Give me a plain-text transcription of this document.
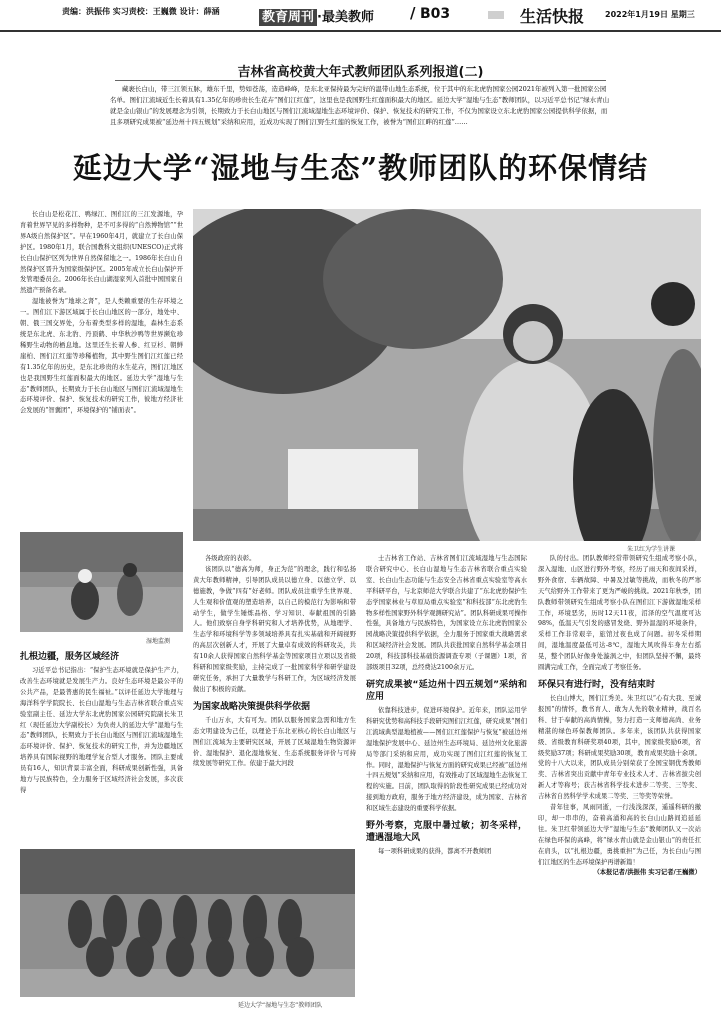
责编：洪振伟 实习责校：王巍微 设计：薛涵	教育周刊 ·最美教师 / B03	生活快报	2022年1月19日 星期三
吉林省高校黄大年式教师团队系列报道(二)
藏裹长白山，带三江领五脉，雄东千里，势如苍荡，造造峰峰，是东北亚保持最为完好的温带山地生态系统，位于其中的东北虎豹国家公园2021年被列入第一批国家公园名单。图们江流域近生长着具有1.35亿年的珍贵长生花卉“图们江红莲”，这里也是我国野生红莲面积最大的地区。延边大学“湿地与生态”教师团队，以习近平总书记“绿水青山就是金山银山”的发展理念为引领，长期致力于长白山地区与图们江流域湿地生态环境评价、保护、恢复技术的研究工作，不仅为国家设立东北虎豹国家公园提供科学依据，而且多项研究成果被“延边州十四五规划”采纳和应用，近成功实现了图们江野生红莲的恢复工作，被誉为“图们江畔的红莲”……
延边大学“湿地与生态”教师团队的环保情结

长白山是松花江、鸭绿江、图们江的三江发源地，孕育着世界罕见的多样物种，是不可多得的“自然博物馆”“世界A级自然保护区”。早在1960年4月，就建立了长白山保护区。1980年1月，联合国教科文组织(UNESCO)正式将长白山保护区列为世界自然保留地之一。1986年长白山自然保护区晋升为国家级保护区。2005年成立长白山保护开发管理委员会。2006年长白山湖湿家列入首批中国国家自然遗产预备名录。

湿地被誉为“地球之肾”，是人类赖重要的生存环境之一。图们江下游区域属于长白山地区的一部分，地处中、朝、俄三国交界处，分布着类型多样的湿地，森林生态系统是东北虎、东北豹、丹顶鹤、中华秋沙鸭等世界濒危珍稀野生动物的栖息地。这里还生长着人参、红豆杉、朝鲜崖柏、图们江红莲等珍稀植物，其中野生图们江红莲已经有1.35亿年的历史，是东北珍贵的水生花卉，图们江地区也是我国野生红莲面积最大的地区。延边大学“湿地与生态”教师团队，长期致力于长白山地区与图们江流域湿地生态环境评价、保护、恢复技术的研究工作，彼地方经济社会发展的“智囊团”，环境保护的“铺面表”。

湿地监测
扎根边疆，服务区域经济

习近平总书记指出：“保护生态环境就是保护生产力，改善生态环境就是发展生产力。良好生态环境是最公平的公共产品，是最普惠的民生福祉。”以评任延边大学地理与海洋科学学院院长、长白山湿地与生态吉林省联合重点实验室副主任、延边大学东北虎豹国家公园研究院副长朱卫红（现任延边大学副校长）为负责人的延边大学“湿地与生态”教师团队，长期致力于长白山地区与图们江流域湿地生态环境评价、保护、恢复技术的研究工作，并为边疆地区培养具有国际视野的地理学复合型人才服务。团队主要成员有16人，知识背景丰富全面，科研成果创新性强，具备地方与民族特色，全力服务于区域经济社会发展，多次获得

朱卫红为学生讲课

各级政府的表彰。

该团队以“德高为师，身正为范”的理念，践行和弘扬黄大年教师精神，引导团队成员以德立身、以德立学、以德施教，争做“四有”好老师。团队成员注重学生世界观、人生观和价值观的塑造培养，以自己的模范行为影响和带动学生，做学生锤炼品格、学习知识、奉献祖国的引路人。他们致察自身学科研究和人才培养优势，从地理学、生态学和环境科学等多领域培养具有扎实基础和开阔视野的高层次创新人才，开展了大量卓有成效的科研攻关，共有10余人获得国家自然科学基金等国家项目立项以及省级科研和国家级奖励，主持完成了一批国家科学和研学建设研究任务，承担了大量教学与科研工作，为区域经济发展做出了积极的贡献。

为国家战略决策提供科学依据

千山万水，大有可为。团队以服务国家急需和地方生态文明建设为己任，以理论于东北亚核心的长白山地区与图们江流域为主要研究区域，开展了区域湿地生物资源评价、湿地保护、退化湿地恢复、生态系统服务评价与可持续发展等研究工作。依建于最大河段

士吉林省工作站、吉林省图们江流域湿地与生态国际联合研究中心、长白山湿地与生态吉林省联合重点实验室、长白山生态功能与生态安全吉林省重点实验室等高水平科研平台，与北京师范大学联合共建了“东北虎豹保护生态学国家林业与草原局重点实验室”和科技部“东北虎豹生物多样性国家野外科学观测研究站”。团队科研成果可操作性强，具备地方与民族特色，为国家设立东北虎豹国家公园战略决策提供科学依据，全力服务于国家重大战略需求和区域经济社会发展。团队共获批国家自然科学基金项目20项，科技部科技基础资源调查专项（子课题）1项，省部级项目32项，总经费达2100余万元。

研究成果被“延边州十四五规划”采纳和应用

依靠科技进步，促进环境保护。近年来，团队运用学科研究优势和高科技手段研究图们江红莲，研究成果“图们江流域典型湿地植被——图们江红莲保护与恢复”被延边州湿地保护发展中心、延边州生态环境局、延边州文化旅游局等部门采纳和应用，成功实现了图们江红莲的恢复工作。同时，湿地保护与恢复方面的研究成果已经被“延边州十四五规划”采纳和应用，有效推动了区域湿地生态恢复工程的实施。目前，团队取得的阶段性研究成果已经成功对接到地方政府，服务于地方经济建设，成为国家、吉林省和区域生态建设的重要科学依据。

野外考察，克服中暑过敏；初冬采样，遭遇湿地大风

每一项科研成果的获得，都离不开教师团

队的付出。团队教师经常带领研究生组成考察小队，深入湿地、山区进行野外考察，经历了雨天和夜间采样，野外食宿、车辆故障、中暑及过敏等挑战，而秋冬的严寒天气给野外工作带来了更为严峻的挑战。2021年秋季，团队教师带领研究生组成考察小队在图们江下游做湿地采样工作，环境恶劣，历时12天11夜，沼泽的空气温度可达98%，低温天气引发的感冒发烧、野外温湿的环境条件，采样工作非常艰辛，旅馆过夜也成了问题。初冬采样期间，湿地温度最低可达-8℃，湿地大风吹得车身左右摇晃，整个团队好像身处漩涡之中，但团队坚持不懈，最终圆满完成工作，全面完成了考察任务。

环保只有进行时，没有结束时

长白山博大，图们江秀美。朱卫红以“心有大我、至诚报国”的情怀，教书育人、敢为人先的敬业精神，战百名科、甘于奉献的高尚情操，努力打造一支师德高尚、业务精湛的绿色环保教师团队。多年来，该团队共获得国家级、省级教育科研奖项40项，其中，国家级奖励6项，省级奖励37项；科研成果奖励30项，教育成果奖励十余项。党的十八大以来，团队成员分别荣获了全国宝钢优秀教师奖、吉林省突出贡献中青年专业技术人才、吉林省拔尖创新人才等称号；获吉林省科学技术进步二等奖、三等奖、吉林省自然科学学术成果二等奖、三等奖等荣誉。

昔年往事，风雨同逝，一行浅浅深深，遥遥科研的撤印，却一串串的，奋着高涌和高的长白山山路间追延延往。朱卫红带领延边大学“湿地与生态”教师团队又一次站在绿色环保的高峰，将“绿水青山就是金山银山”的责任扛在肩头，以“扎根边疆，勇挑重担”为己任，为长白山与图们江地区的生态环境保护再谱新篇！

（本报记者/洪振伟 实习记者/王巍微）

延边大学“湿地与生态”教师团队
